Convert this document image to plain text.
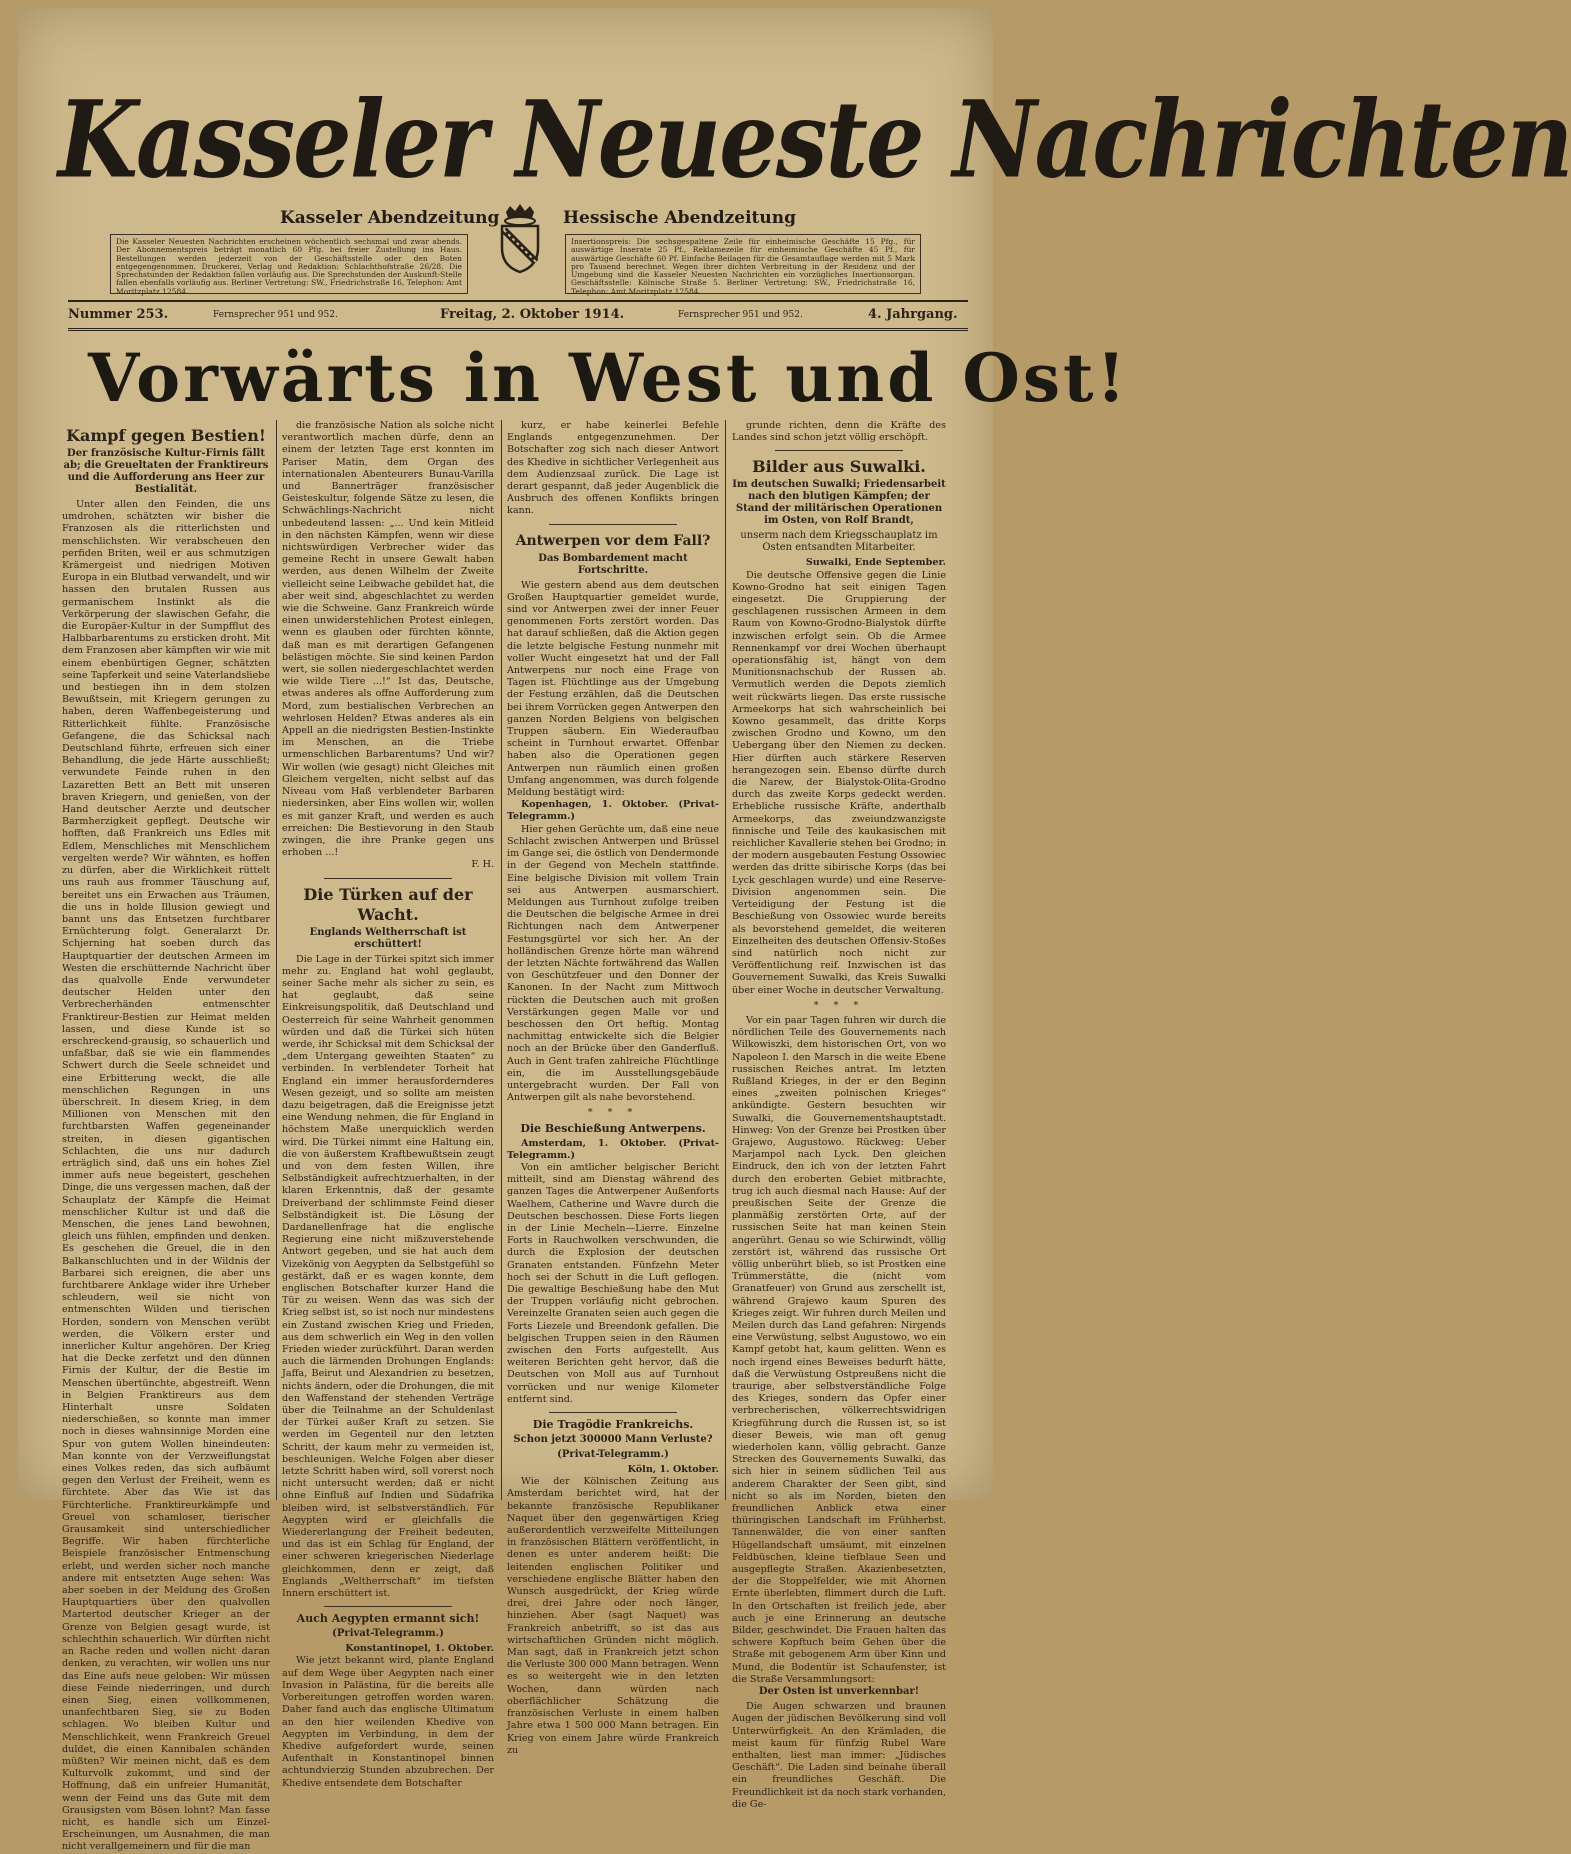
Kasseler Neueste Nachrichten
Kasseler Abendzeitung	Hessische Abendzeitung
Die Kasseler Neuesten Nachrichten erscheinen wöchentlich sechsmal und zwar abends. Der Abonnementspreis beträgt monatlich 60 Pfg. bei freier Zustellung ins Haus. Bestellungen werden jederzeit von der Geschäftsstelle oder den Boten entgegengenommen. Druckerei, Verlag und Redaktion: Schlachthofstraße 26/28. Die Sprechstunden der Redaktion fallen vorläufig aus. Die Sprechstunden der Auskunft-Stelle fallen ebenfalls vorläufig aus. Berliner Vertretung: SW., Friedrichstraße 16, Telephon: Amt Moritzplatz 12584.
Insertionspreis: Die sechsgespaltene Zeile für einheimische Geschäfte 15 Pfg., für auswärtige Inserate 25 Pf., Reklamezeile für einheimische Geschäfte 45 Pf., für auswärtige Geschäfte 60 Pf. Einfache Beilagen für die Gesamtauflage werden mit 5 Mark pro Tausend berechnet. Wegen ihrer dichten Verbreitung in der Residenz und der Umgebung sind die Kasseler Neuesten Nachrichten ein vorzügliches Insertionsorgan. Geschäftsstelle: Kölnische Straße 5. Berliner Vertretung: SW., Friedrichstraße 16, Telephon: Amt Moritzplatz 12584.
Nummer 253.	Fernsprecher 951 und 952.	Freitag, 2. Oktober 1914.	Fernsprecher 951 und 952.	4. Jahrgang.
Vorwärts in West und Ost!
Kampf gegen Bestien!
Der französische Kultur-Firnis fällt ab; die Greueltaten der Franktireurs und die Aufforderung ans Heer zur Bestialität.

Unter allen den Feinden, die uns umdrohen, schätzten wir bisher die Franzosen als die ritterlichsten und menschlichsten. Wir verabscheuen den perfiden Briten, weil er aus schmutzigen Krämergeist und niedrigen Motiven Europa in ein Blutbad verwandelt, und wir hassen den brutalen Russen aus germanischem Instinkt als die Verkörperung der slawischen Gefahr, die die Europäer-Kultur in der Sumpfflut des Halbbarbarentums zu ersticken droht. Mit dem Franzosen aber kämpften wir wie mit einem ebenbürtigen Gegner, schätzten seine Tapferkeit und seine Vaterlandsliebe und bestiegen ihn in dem stolzen Bewußtsein, mit Kriegern gerungen zu haben, deren Waffenbegeisterung und Ritterlichkeit fühlte. Französische Gefangene, die das Schicksal nach Deutschland führte, erfreuen sich einer Behandlung, die jede Härte ausschließt; verwundete Feinde ruhen in den Lazaretten Bett an Bett mit unseren braven Kriegern, und genießen, von der Hand deutscher Aerzte und deutscher Barmherzigkeit gepflegt. Deutsche wir hofften, daß Frankreich uns Edles mit Edlem, Menschliches mit Menschlichem vergelten werde? Wir wähnten, es hoffen zu dürfen, aber die Wirklichkeit rüttelt uns rauh aus frommer Täuschung auf, bereitet uns ein Erwachen aus Träumen, die uns in holde Illusion gewiegt und bannt uns das Entsetzen furchtbarer Ernüchterung folgt. Generalarzt Dr. Schjerning hat soeben durch das Hauptquartier der deutschen Armeen im Westen die erschütternde Nachricht über das qualvolle Ende verwundeter deutscher Helden unter den Verbrecherhänden entmenschter Franktireur-Bestien zur Heimat melden lassen, und diese Kunde ist so erschreckend-grausig, so schauerlich und unfaßbar, daß sie wie ein flammendes Schwert durch die Seele schneidet und eine Erbitterung weckt, die alle menschlichen Regungen in uns überschreit. In diesem Krieg, in dem Millionen von Menschen mit den furchtbarsten Waffen gegeneinander streiten, in diesen gigantischen Schlachten, die uns nur dadurch erträglich sind, daß uns ein hohes Ziel immer aufs neue begeistert, geschehen Dinge, die uns vergessen machen, daß der Schauplatz der Kämpfe die Heimat menschlicher Kultur ist und daß die Menschen, die jenes Land bewohnen, gleich uns fühlen, empfinden und denken. Es geschehen die Greuel, die in den Balkanschluchten und in der Wildnis der Barbarei sich ereignen, die aber uns furchtbarere Anklage wider ihre Urheber schleudern, weil sie nicht von entmenschten Wilden und tierischen Horden, sondern von Menschen verübt werden, die Völkern erster und innerlicher Kultur angehören. Der Krieg hat die Decke zerfetzt und den dünnen Firnis der Kultur, der die Bestie im Menschen übertünchte, abgestreift. Wenn in Belgien Franktireurs aus dem Hinterhalt unsre Soldaten niederschießen, so konnte man immer noch in dieses wahnsinnige Morden eine Spur von gutem Wollen hineindeuten: Man konnte von der Verzweiflungstat eines Volkes reden, das sich aufbäumt gegen den Verlust der Freiheit, wenn es fürchtete. Aber das Wie ist das Fürchterliche. Franktireurkämpfe und Greuel von schamloser, tierischer Grausamkeit sind unterschiedlicher Begriffe. Wir haben fürchterliche Beispiele französischer Entmenschung erlebt, und werden sicher noch manche andere mit entsetzten Auge sehen: Was aber soeben in der Meldung des Großen Hauptquartiers über den qualvollen Martertod deutscher Krieger an der Grenze von Belgien gesagt wurde, ist schlechthin schauerlich. Wir dürften nicht an Rache reden und wollen nicht daran denken, zu verachten, wir wollen uns nur das Eine aufs neue geloben: Wir müssen diese Feinde niederringen, und durch einen Sieg, einen vollkommenen, unanfechtbaren Sieg, sie zu Boden schlagen. Wo bleiben Kultur und Menschlichkeit, wenn Frankreich Greuel duldet, die einen Kannibalen schänden müßten? Wir meinen nicht, daß es dem Kulturvolk zukommt, und sind der Hoffnung, daß ein unfreier Humanität, wenn der Feind uns das Gute mit dem Grausigsten vom Bösen lohnt? Man fasse nicht, es handle sich um Einzel-Erscheinungen, um Ausnahmen, die man nicht verallgemeinern und für die man

die französische Nation als solche nicht verantwortlich machen dürfe, denn an einem der letzten Tage erst konnten im Pariser Matin, dem Organ des internationalen Abenteurers Bunau-Varilla und Bannerträger französischer Geisteskultur, folgende Sätze zu lesen, die Schwächlings-Nachricht nicht unbedeutend lassen: „... Und kein Mitleid in den nächsten Kämpfen, wenn wir diese nichtswürdigen Verbrecher wider das gemeine Recht in unsere Gewalt haben werden, aus denen Wilhelm der Zweite vielleicht seine Leibwache gebildet hat, die aber weit sind, abgeschlachtet zu werden wie die Schweine. Ganz Frankreich würde einen unwiderstehlichen Protest einlegen, wenn es glauben oder fürchten könnte, daß man es mit derartigen Gefangenen belästigen möchte. Sie sind keinen Pardon wert, sie sollen niedergeschlachtet werden wie wilde Tiere ...!“ Ist das, Deutsche, etwas anderes als offne Aufforderung zum Mord, zum bestialischen Verbrechen an wehrlosen Helden? Etwas anderes als ein Appell an die niedrigsten Bestien-Instinkte im Menschen, an die Triebe urmenschlichen Barbarentums? Und wir? Wir wollen (wie gesagt) nicht Gleiches mit Gleichem vergelten, nicht selbst auf das Niveau vom Haß verblendeter Barbaren niedersinken, aber Eins wollen wir, wollen es mit ganzer Kraft, und werden es auch erreichen: Die Bestievorung in den Staub zwingen, die ihre Pranke gegen uns erhoben ...!

F. H.

Die Türken auf der Wacht.
Englands Weltherrschaft ist erschüttert!

Die Lage in der Türkei spitzt sich immer mehr zu. England hat wohl geglaubt, seiner Sache mehr als sicher zu sein, es hat geglaubt, daß seine Einkreisungspolitik, daß Deutschland und Oesterreich für seine Wahrheit genommen würden und daß die Türkei sich hüten werde, ihr Schicksal mit dem Schicksal der „dem Untergang geweihten Staaten“ zu verbinden. In verblendeter Torheit hat England ein immer herausfordernderes Wesen gezeigt, und so sollte am meisten dazu beigetragen, daß die Ereignisse jetzt eine Wendung nehmen, die für England in höchstem Maße unerquicklich werden wird. Die Türkei nimmt eine Haltung ein, die von äußerstem Kraftbewußtsein zeugt und von dem festen Willen, ihre Selbständigkeit aufrechtzuerhalten, in der klaren Erkenntnis, daß der gesamte Dreiverband der schlimmste Feind dieser Selbständigkeit ist. Die Lösung der Dardanellenfrage hat die englische Regierung eine nicht mißzuverstehende Antwort gegeben, und sie hat auch dem Vizekönig von Aegypten da Selbstgefühl so gestärkt, daß er es wagen konnte, dem englischen Botschafter kurzer Hand die Tür zu weisen. Wenn das was sich der Krieg selbst ist, so ist noch nur mindestens ein Zustand zwischen Krieg und Frieden, aus dem schwerlich ein Weg in den vollen Frieden wieder zurückführt. Daran werden auch die lärmenden Drohungen Englands: Jaffa, Beirut und Alexandrien zu besetzen, nichts ändern, oder die Drohungen, die mit den Waffenstand der stehenden Verträge über die Teilnahme an der Schuldenlast der Türkei außer Kraft zu setzen. Sie werden im Gegenteil nur den letzten Schritt, der kaum mehr zu vermeiden ist, beschleunigen. Welche Folgen aber dieser letzte Schritt haben wird, soll vorerst noch nicht untersucht werden; daß er nicht ohne Einfluß auf Indien und Südafrika bleiben wird, ist selbstverständlich. Für Aegypten wird er gleichfalls die Wiedererlangung der Freiheit bedeuten, und das ist ein Schlag für England, der einer schweren kriegerischen Niederlage gleichkommen, denn er zeigt, daß Englands „Weltherrschaft“ im tiefsten Innern erschüttert ist.

Auch Aegypten ermannt sich!
(Privat-Telegramm.)

Konstantinopel, 1. Oktober.

Wie jetzt bekannt wird, plante England auf dem Wege über Aegypten nach einer Invasion in Palästina, für die bereits alle Vorbereitungen getroffen worden waren. Daher fand auch das englische Ultimatum an den hier weilenden Khedive von Aegypten im Verbindung, in dem der Khedive aufgefordert wurde, seinen Aufenthalt in Konstantinopel binnen achtundvierzig Stunden abzubrechen. Der Khedive entsendete dem Botschafter

kurz, er habe keinerlei Befehle Englands entgegenzunehmen. Der Botschafter zog sich nach dieser Antwort des Khedive in sichtlicher Verlegenheit aus dem Audienzsaal zurück. Die Lage ist derart gespannt, daß jeder Augenblick die Ausbruch des offenen Konflikts bringen kann.

Antwerpen vor dem Fall?
Das Bombardement macht Fortschritte.

Wie gestern abend aus dem deutschen Großen Hauptquartier gemeldet wurde, sind vor Antwerpen zwei der inner Feuer genommenen Forts zerstört worden. Das hat darauf schließen, daß die Aktion gegen die letzte belgische Festung nunmehr mit voller Wucht eingesetzt hat und der Fall Antwerpens nur noch eine Frage von Tagen ist. Flüchtlinge aus der Umgebung der Festung erzählen, daß die Deutschen bei ihrem Vorrücken gegen Antwerpen den ganzen Norden Belgiens von belgischen Truppen säubern. Ein Wiederaufbau scheint in Turnhout erwartet. Offenbar haben also die Operationen gegen Antwerpen nun räumlich einen großen Umfang angenommen, was durch folgende Meldung bestätigt wird:

Kopenhagen, 1. Oktober. (Privat-Telegramm.)

Hier gehen Gerüchte um, daß eine neue Schlacht zwischen Antwerpen und Brüssel im Gange sei, die östlich von Dendermonde in der Gegend von Mecheln stattfinde. Eine belgische Division mit vollem Train sei aus Antwerpen ausmarschiert. Meldungen aus Turnhout zufolge treiben die Deutschen die belgische Armee in drei Richtungen nach dem Antwerpener Festungsgürtel vor sich her. An der holländischen Grenze hörte man während der letzten Nächte fortwährend das Wallen von Geschützfeuer und den Donner der Kanonen. In der Nacht zum Mittwoch rückten die Deutschen auch mit großen Verstärkungen gegen Malle vor und beschossen den Ort heftig. Montag nachmittag entwickelte sich die Belgier noch an der Brücke über den Ganderfluß. Auch in Gent trafen zahlreiche Flüchtlinge ein, die im Ausstellungsgebäude untergebracht wurden. Der Fall von Antwerpen gilt als nahe bevorstehend.

* * *
Die Beschießung Antwerpens.

Amsterdam, 1. Oktober. (Privat-Telegramm.)

Von ein amtlicher belgischer Bericht mitteilt, sind am Dienstag während des ganzen Tages die Antwerpener Außenforts Waelhem, Catherine und Wavre durch die Deutschen beschossen. Diese Forts liegen in der Linie Mecheln—Lierre. Einzelne Forts in Rauchwolken verschwunden, die durch die Explosion der deutschen Granaten entstanden. Fünfzehn Meter hoch sei der Schutt in die Luft geflogen. Die gewaltige Beschießung habe den Mut der Truppen vorläufig nicht gebrochen. Vereinzelte Granaten seien auch gegen die Forts Liezele und Breendonk gefallen. Die belgischen Truppen seien in den Räumen zwischen den Forts aufgestellt. Aus weiteren Berichten geht hervor, daß die Deutschen von Moll aus auf Turnhout vorrücken und nur wenige Kilometer entfernt sind.

Die Tragödie Frankreichs.
Schon jetzt 300000 Mann Verluste?
(Privat-Telegramm.)

Köln, 1. Oktober.

Wie der Kölnischen Zeitung aus Amsterdam berichtet wird, hat der bekannte französische Republikaner Naquet über den gegenwärtigen Krieg außerordentlich verzweifelte Mitteilungen in französischen Blättern veröffentlicht, in denen es unter anderem heißt: Die leitenden englischen Politiker und verschiedene englische Blätter haben den Wunsch ausgedrückt, der Krieg würde drei, drei Jahre oder noch länger, hinziehen. Aber (sagt Naquet) was Frankreich anbetrifft, so ist das aus wirtschaftlichen Gründen nicht möglich. Man sagt, daß in Frankreich jetzt schon die Verluste 300 000 Mann betragen. Wenn es so weitergeht wie in den letzten Wochen, dann würden nach oberflächlicher Schätzung die französischen Verluste in einem halben Jahre etwa 1 500 000 Mann betragen. Ein Krieg von einem Jahre würde Frankreich zu

grunde richten, denn die Kräfte des Landes sind schon jetzt völlig erschöpft.

Bilder aus Suwalki.
Im deutschen Suwalki; Friedensarbeit nach den blutigen Kämpfen; der Stand der militärischen Operationen im Osten, von Rolf Brandt,
unserm nach dem Kriegsschauplatz im Osten entsandten Mitarbeiter.

Suwalki, Ende September.

Die deutsche Offensive gegen die Linie Kowno-Grodno hat seit einigen Tagen eingesetzt. Die Gruppierung der geschlagenen russischen Armeen in dem Raum von Kowno-Grodno-Bialystok dürfte inzwischen erfolgt sein. Ob die Armee Rennenkampf vor drei Wochen überhaupt operationsfähig ist, hängt von dem Munitionsnachschub der Russen ab. Vermutlich werden die Depots ziemlich weit rückwärts liegen. Das erste russische Armeekorps hat sich wahrscheinlich bei Kowno gesammelt, das dritte Korps zwischen Grodno und Kowno, um den Uebergang über den Niemen zu decken. Hier dürften auch stärkere Reserven herangezogen sein. Ebenso dürfte durch die Narew, der Bialystok-Olita-Grodno durch das zweite Korps gedeckt werden. Erhebliche russische Kräfte, anderthalb Armeekorps, das zweiundzwanzigste finnische und Teile des kaukasischen mit reichlicher Kavallerie stehen bei Grodno; in der modern ausgebauten Festung Ossowiec werden das dritte sibirische Korps (das bei Lyck geschlagen wurde) und eine Reserve-Division angenommen sein. Die Verteidigung der Festung ist die Beschießung von Ossowiec wurde bereits als bevorstehend gemeldet, die weiteren Einzelheiten des deutschen Offensiv-Stoßes sind natürlich noch nicht zur Veröffentlichung reif. Inzwischen ist das Gouvernement Suwalki, das Kreis Suwalki über einer Woche in deutscher Verwaltung.

* * *

Vor ein paar Tagen fuhren wir durch die nördlichen Teile des Gouvernements nach Wilkowiszki, dem historischen Ort, von wo Napoleon I. den Marsch in die weite Ebene russischen Reiches antrat. Im letzten Rußland Krieges, in der er den Beginn eines „zweiten polnischen Krieges“ ankündigte. Gestern besuchten wir Suwalki, die Gouvernementshauptstadt. Hinweg: Von der Grenze bei Prostken über Grajewo, Augustowo. Rückweg: Ueber Marjampol nach Lyck. Den gleichen Eindruck, den ich von der letzten Fahrt durch den eroberten Gebiet mitbrachte, trug ich auch diesmal nach Hause: Auf der preußischen Seite der Grenze die planmäßig zerstörten Orte, auf der russischen Seite hat man keinen Stein angerührt. Genau so wie Schirwindt, völlig zerstört ist, während das russische Ort völlig unberührt blieb, so ist Prostken eine Trümmerstätte, die (nicht vom Granatfeuer) von Grund aus zerschellt ist, während Grajewo kaum Spuren des Krieges zeigt. Wir fuhren durch Meilen und Meilen durch das Land gefahren: Nirgends eine Verwüstung, selbst Augustowo, wo ein Kampf getobt hat, kaum gelitten. Wenn es noch irgend eines Beweises bedurft hätte, daß die Verwüstung Ostpreußens nicht die traurige, aber selbstverständliche Folge des Krieges, sondern das Opfer einer verbrecherischen, völkerrechtswidrigen Kriegführung durch die Russen ist, so ist dieser Beweis, wie man oft genug wiederholen kann, völlig gebracht. Ganze Strecken des Gouvernements Suwalki, das sich hier in seinem südlichen Teil aus anderem Charakter der Seen gibt, sind nicht so als im Norden, bieten den freundlichen Anblick etwa einer thüringischen Landschaft im Frühherbst. Tannenwälder, die von einer sanften Hügellandschaft umsäumt, mit einzelnen Feldbüschen, kleine tiefblaue Seen und ausgepflegte Straßen. Akazienbesetzten, der die Stoppelfelder, wie mit Ahornen Ernte überlebten, flimmert durch die Luft. In den Ortschaften ist freilich jede, aber auch je eine Erinnerung an deutsche Bilder, geschwindet. Die Frauen halten das schwere Kopftuch beim Gehen über die Straße mit gebogenem Arm über Kinn und Mund, die Bodentür ist Schaufenster, ist die Straße Versammlungsort:

Der Osten ist unverkennbar!

Die Augen schwarzen und braunen Augen der jüdischen Bevölkerung sind voll Unterwürfigkeit. An den Krämladen, die meist kaum für fünfzig Rubel Ware enthalten, liest man immer: „Jüdisches Geschäft“. Die Laden sind beinahe überall ein freundliches Geschäft. Die Freundlichkeit ist da noch stark vorhanden, die Ge-
